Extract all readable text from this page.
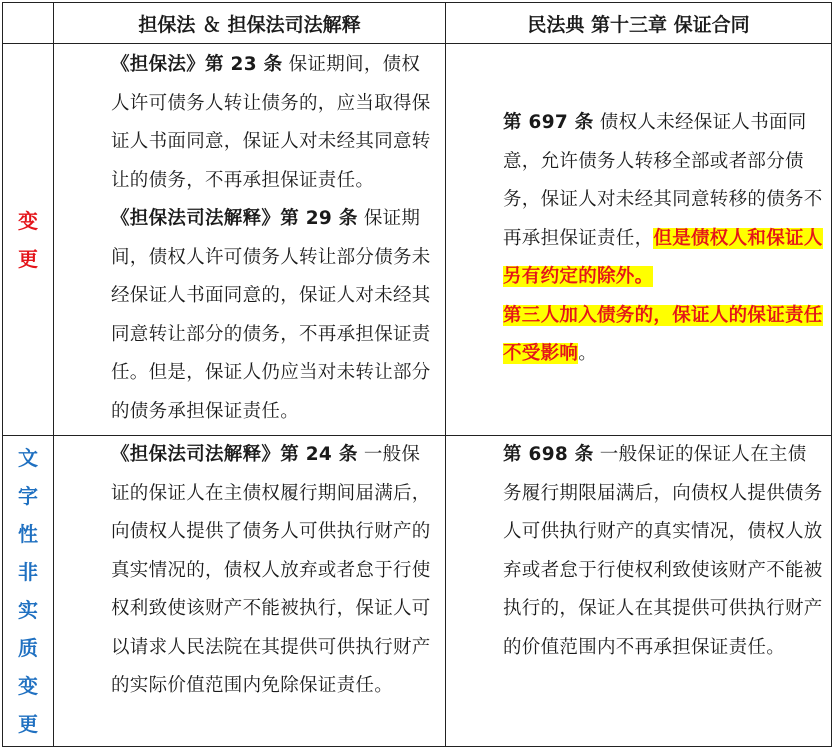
担保法 ＆ 担保法司法解释	民法典 第十三章 保证合同
变
更

《担保法》第 23 条 保证期间，债权人许可债务人转让债务的，应当取得保证人书面同意，保证人对未经其同意转让的债务，不再承担保证责任。

《担保法司法解释》第 29 条 保证期间，债权人许可债务人转让部分债务未经保证人书面同意的，保证人对未经其同意转让部分的债务，不再承担保证责任。但是，保证人仍应当对未转让部分的债务承担保证责任。

第 697 条 债权人未经保证人书面同意，允许债务人转移全部或者部分债务，保证人对未经其同意转移的债务不再承担保证责任，但是债权人和保证人另有约定的除外。

第三人加入债务的，保证人的保证责任不受影响。

文
字
性
非
实
质
变
更

《担保法司法解释》第 24 条 一般保证的保证人在主债权履行期间届满后，向债权人提供了债务人可供执行财产的真实情况的，债权人放弃或者怠于行使权利致使该财产不能被执行，保证人可以请求人民法院在其提供可供执行财产的实际价值范围内免除保证责任。

第 698 条 一般保证的保证人在主债务履行期限届满后，向债权人提供债务人可供执行财产的真实情况，债权人放弃或者怠于行使权利致使该财产不能被执行的，保证人在其提供可供执行财产的价值范围内不再承担保证责任。
